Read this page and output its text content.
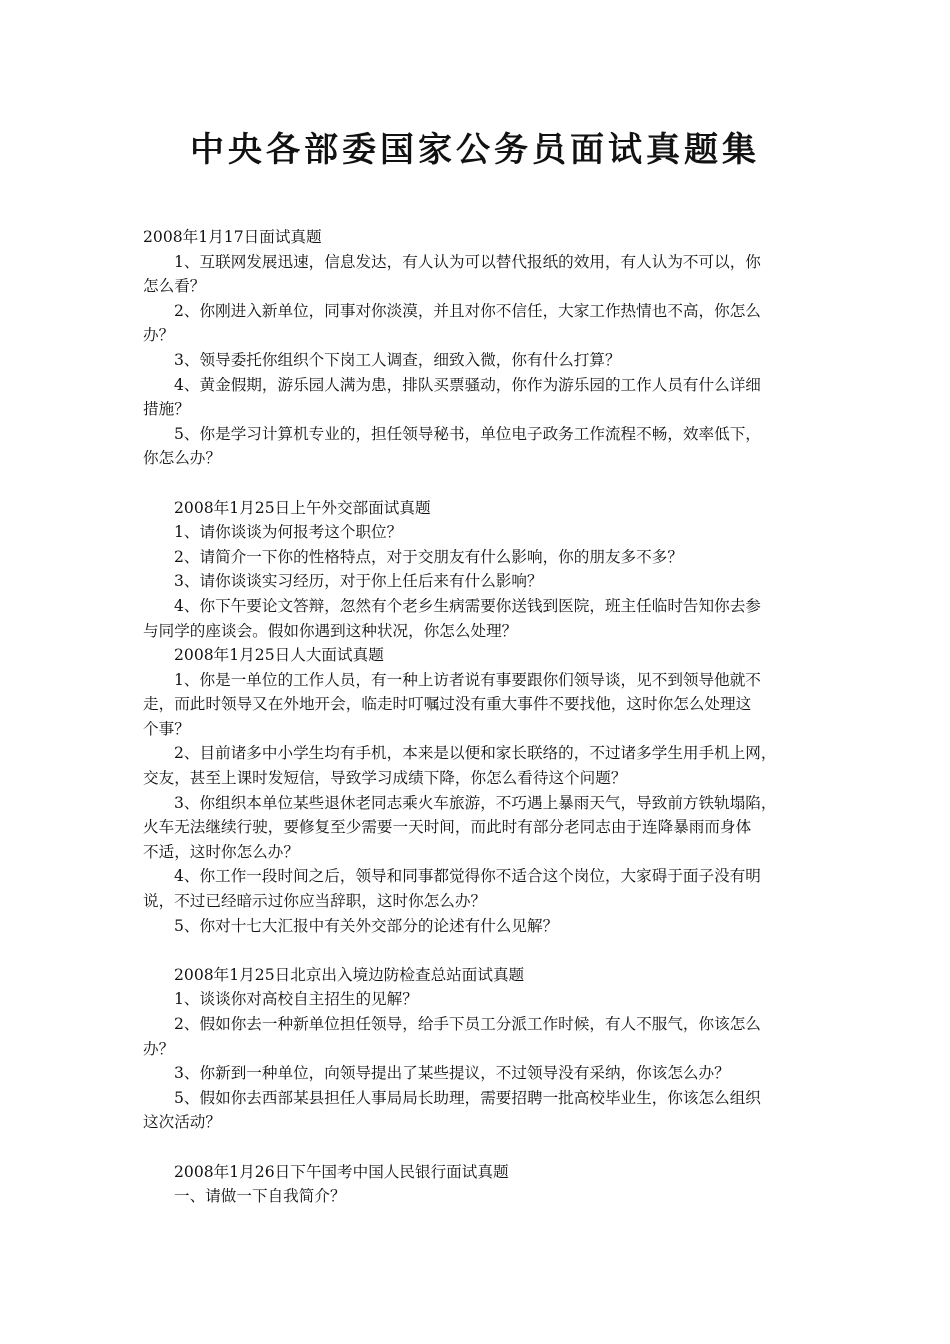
中央各部委国家公务员面试真题集
2008年1月17日面试真题
1、互联网发展迅速，信息发达，有人认为可以替代报纸的效用，有人认为不可以，你
怎么看？
2、你刚进入新单位，同事对你淡漠，并且对你不信任，大家工作热情也不高，你怎么
办？
3、领导委托你组织个下岗工人调查，细致入微，你有什么打算？
4、黄金假期，游乐园人满为患，排队买票骚动，你作为游乐园的工作人员有什么详细
措施？
5、你是学习计算机专业的，担任领导秘书，单位电子政务工作流程不畅，效率低下，
你怎么办？
2008年1月25日上午外交部面试真题
1、请你谈谈为何报考这个职位？
2、请简介一下你的性格特点，对于交朋友有什么影响，你的朋友多不多？
3、请你谈谈实习经历，对于你上任后来有什么影响？
4、你下午要论文答辩，忽然有个老乡生病需要你送钱到医院，班主任临时告知你去参
与同学的座谈会。假如你遇到这种状况，你怎么处理？
2008年1月25日人大面试真题
1、你是一单位的工作人员，有一种上访者说有事要跟你们领导谈，见不到领导他就不
走，而此时领导又在外地开会，临走时叮嘱过没有重大事件不要找他，这时你怎么处理这
个事？
2、目前诸多中小学生均有手机，本来是以便和家长联络的，不过诸多学生用手机上网，
交友，甚至上课时发短信，导致学习成绩下降，你怎么看待这个问题？
3、你组织本单位某些退休老同志乘火车旅游，不巧遇上暴雨天气，导致前方铁轨塌陷，
火车无法继续行驶，要修复至少需要一天时间，而此时有部分老同志由于连降暴雨而身体
不适，这时你怎么办？
4、你工作一段时间之后，领导和同事都觉得你不适合这个岗位，大家碍于面子没有明
说，不过已经暗示过你应当辞职，这时你怎么办？
5、你对十七大汇报中有关外交部分的论述有什么见解？
2008年1月25日北京出入境边防检查总站面试真题
1、谈谈你对高校自主招生的见解？
2、假如你去一种新单位担任领导，给手下员工分派工作时候，有人不服气，你该怎么
办？
3、你新到一种单位，向领导提出了某些提议，不过领导没有采纳，你该怎么办？
5、假如你去西部某县担任人事局局长助理，需要招聘一批高校毕业生，你该怎么组织
这次活动？
2008年1月26日下午国考中国人民银行面试真题
一、请做一下自我简介？
